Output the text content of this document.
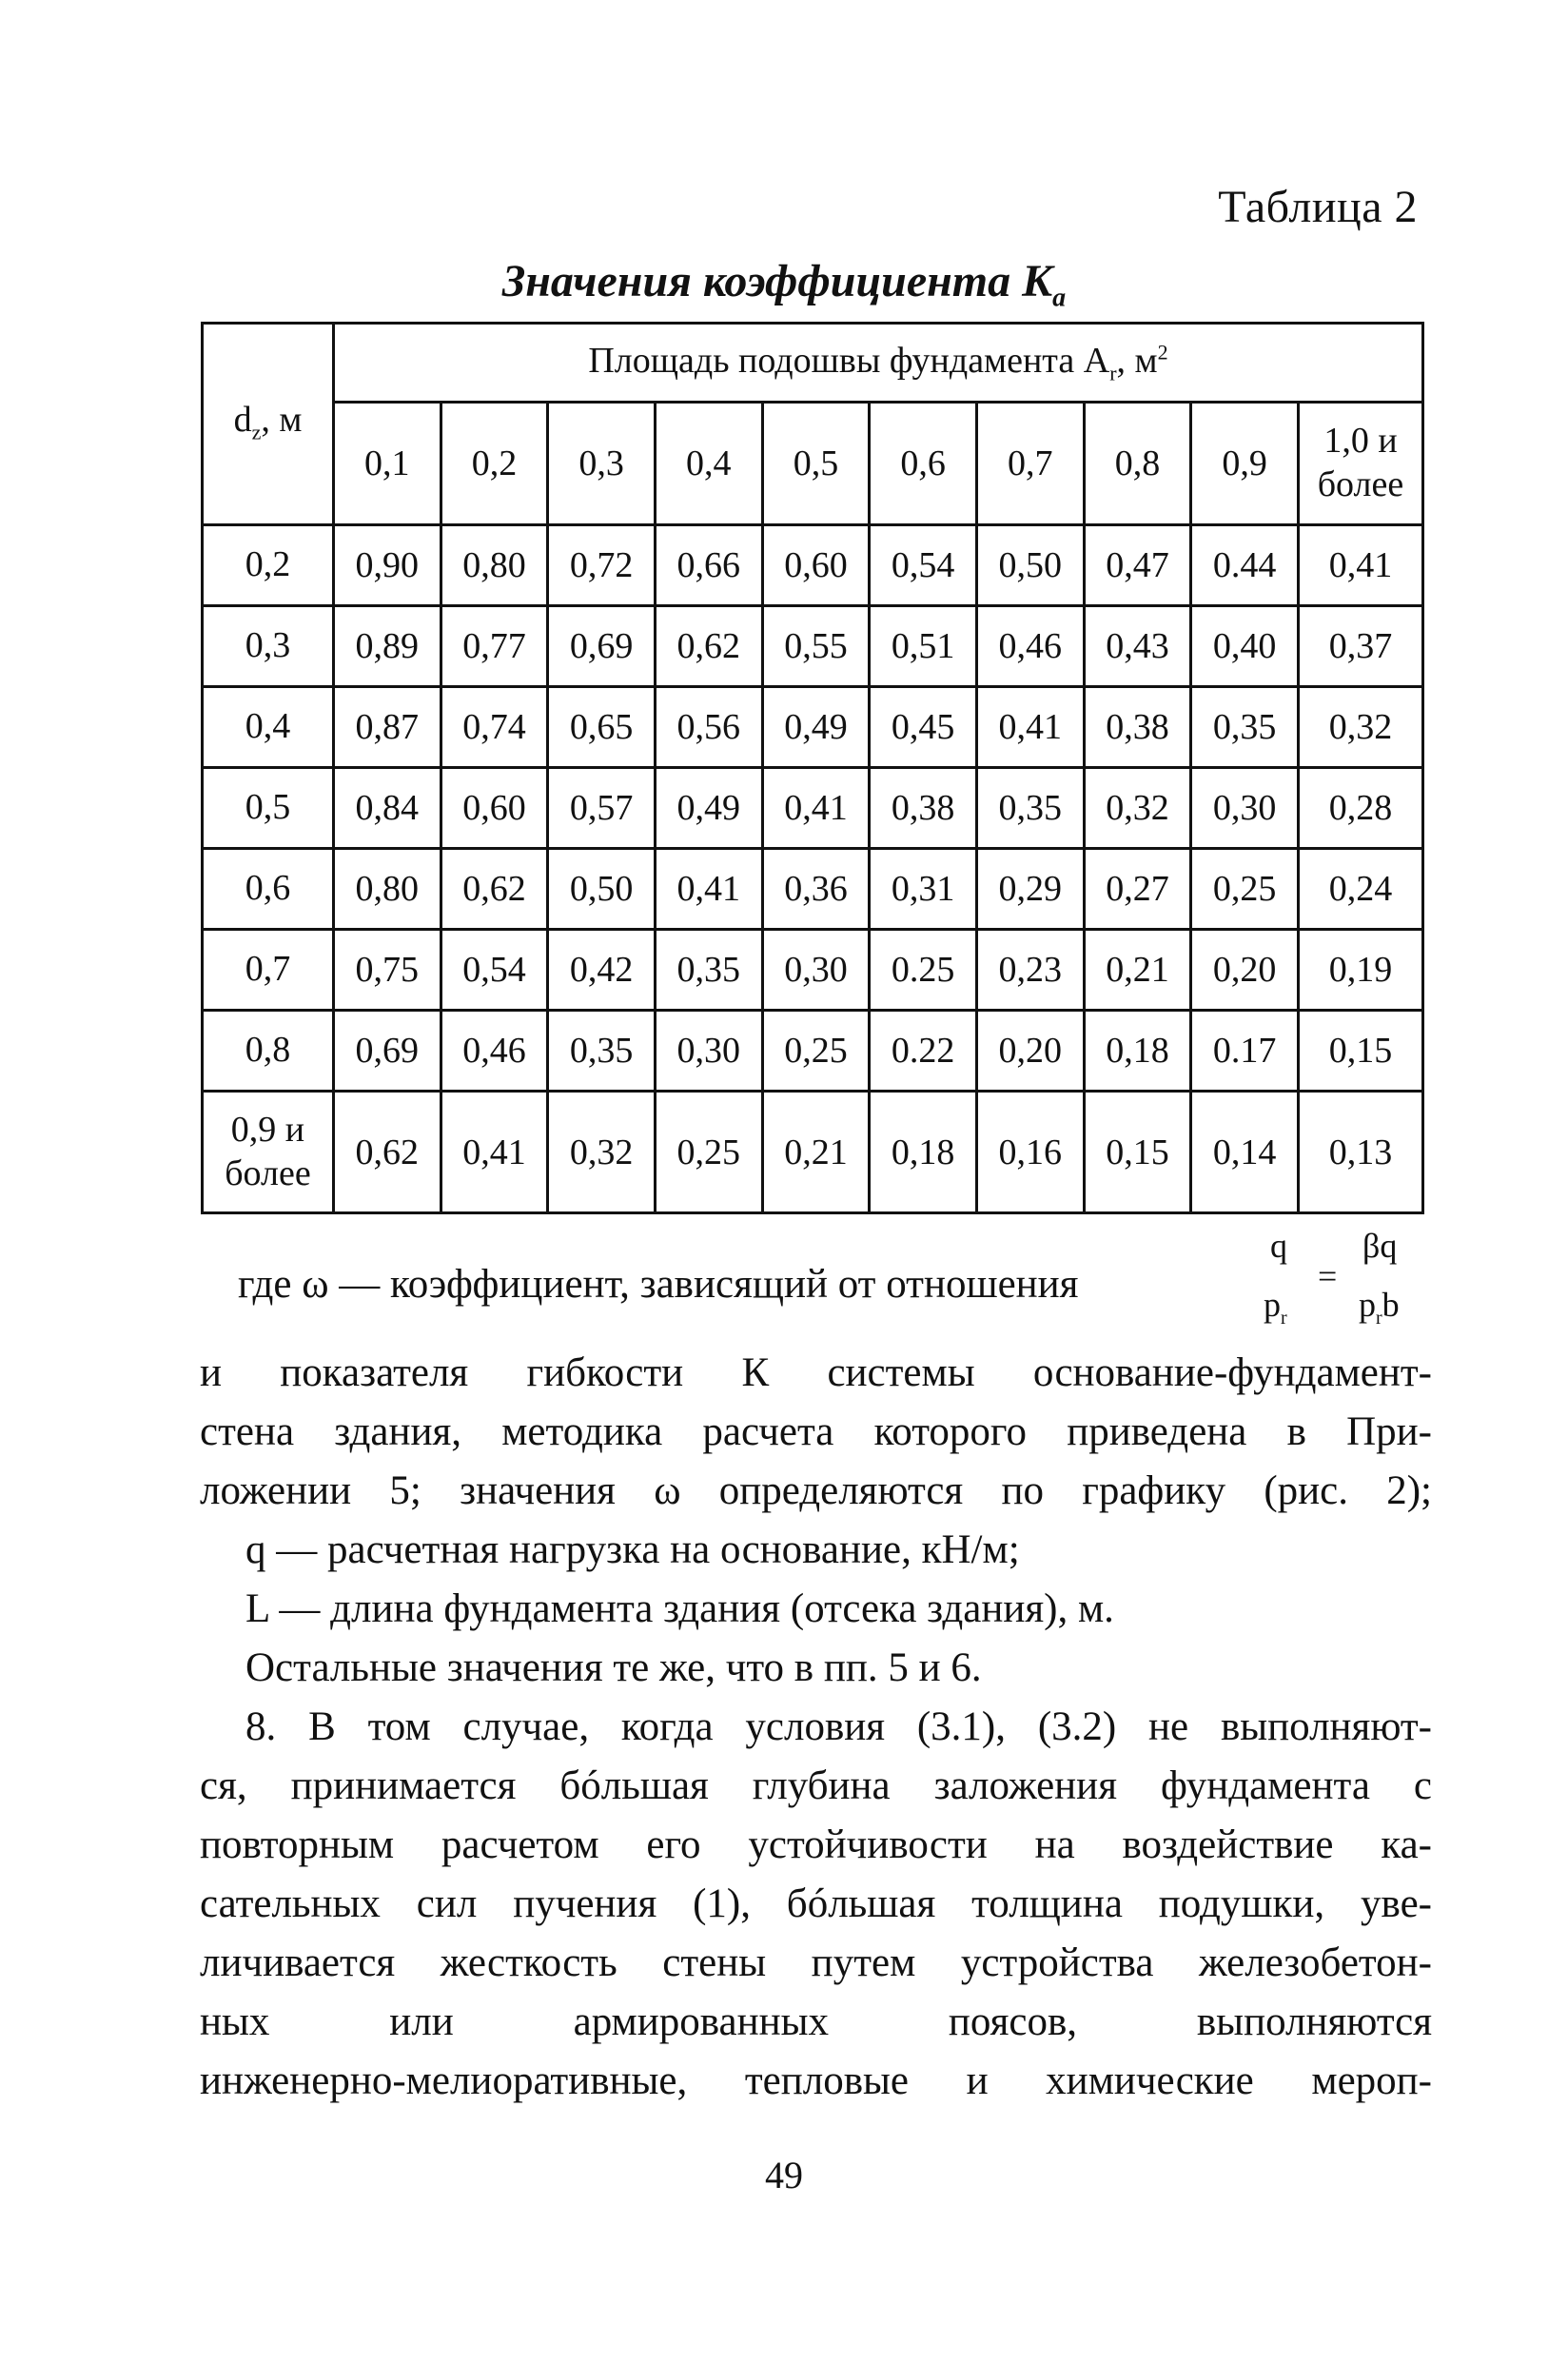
Таблица 2
Значения коэффициента $K_a$
$d_z$, м	Площадь подошвы фундамента $A_r$, $м^2$
	0,1	0,2	0,3	0,4	0,5	0,6	0,7	0,8	0,9	1,0 и более
0,2	0,90	0,80	0,72	0,66	0,60	0,54	0,50	0,47	0.44	0,41
0,3	0,89	0,77	0,69	0,62	0,55	0,51	0,46	0,43	0,40	0,37
0,4	0,87	0,74	0,65	0,56	0,49	0,45	0,41	0,38	0,35	0,32
0,5	0,84	0,60	0,57	0,49	0,41	0,38	0,35	0,32	0,30	0,28
0,6	0,80	0,62	0,50	0,41	0,36	0,31	0,29	0,27	0,25	0,24
0,7	0,75	0,54	0,42	0,35	0,30	0.25	0,23	0,21	0,20	0,19
0,8	0,69	0,46	0,35	0,30	0,25	0.22	0,20	0,18	0.17	0,15
0,9 и более	0,62	0,41	0,32	0,25	0,21	0,18	0,16	0,15	0,14	0,13
где ω — коэффициент, зависящий от отношения
q
$p_r$
=
βq
$p_rb$
и показателя гибкости К системы основание-фундамент-
стена здания, методика расчета которого приведена в При-
ложении 5; значения ω определяются по графику (рис. 2);
q — расчетная нагрузка на основание, кН/м;
L — длина фундамента здания (отсека здания), м.
Остальные значения те же, что в пп. 5 и 6.
8. В том случае, когда условия (3.1), (3.2) не выполняют-
ся, принимается бóльшая глубина заложения фундамента с
повторным расчетом его устойчивости на воздействие ка-
сательных сил пучения (1), бóльшая толщина подушки, уве-
личивается жесткость стены путем устройства железобетон-
ных или армированных поясов, выполняются
инженерно-мелиоративные, тепловые и химические мероп-
49
